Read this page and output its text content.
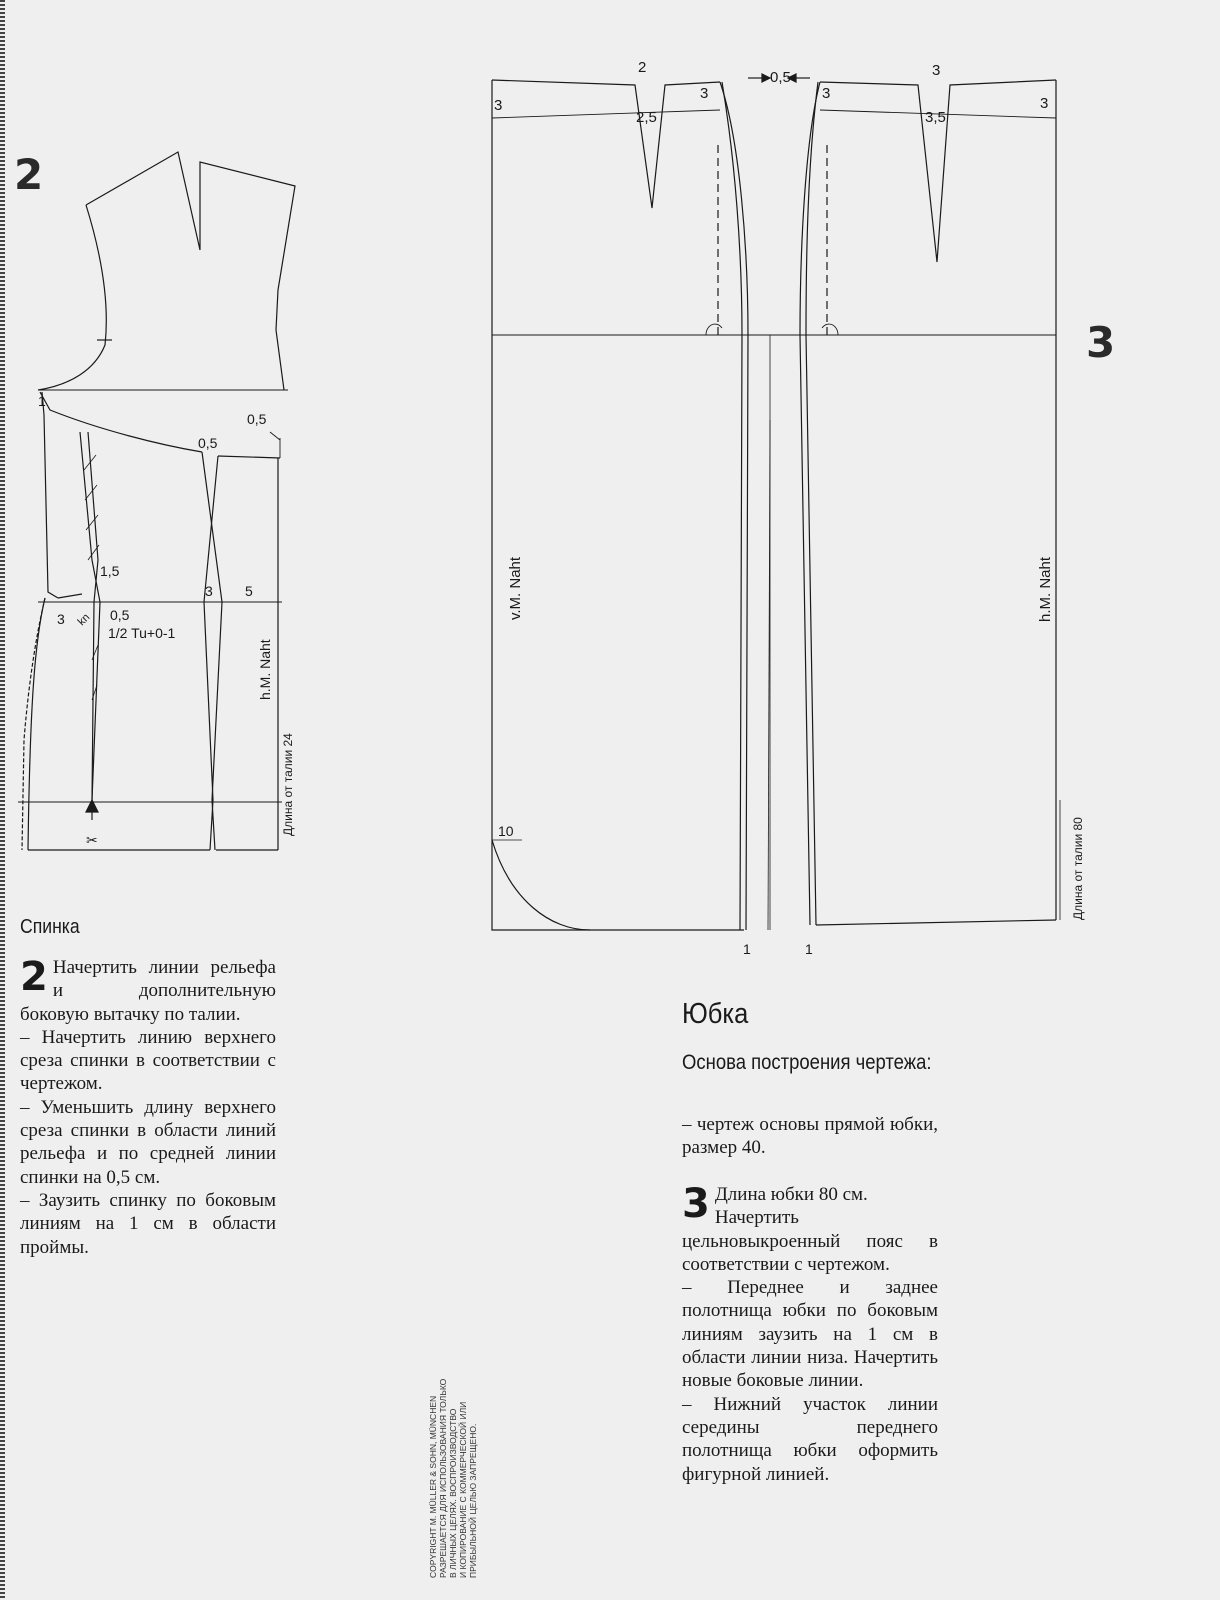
✂
1
0,5
0,5
1,5
3
3 5
0,5
1/2 Tu+0-1
kn
h.M. Naht
Длина от талии 24
2	3
0,5
3
3	3
3
2,5	3,5
v.M. Naht	h.M. Naht
10
1	1
Длина от талии 80
2
3
Спинка
2 Начертить линии рельефа и дополнительную боковую вытачку по талии.

– Начертить линию верхнего среза спинки в соответствии с чертежом.

– Уменьшить длину верхнего среза спинки в области линий рельефа и по средней линии спинки на 0,5 см.

– Заузить спинку по боковым линиям на 1 см в области проймы.

Юбка
Основа построения чертежа:

– чертеж основы прямой юбки, размер 40.

3 Длина юбки 80 см.

Начертить цельновыкроенный пояс в соответствии с чертежом.

– Переднее и заднее полотнища юбки по боковым линиям заузить на 1 см в области линии низа. Начертить новые боковые линии.

– Нижний участок линии середины переднего полотнища юбки оформить фигурной линией.

COPYRIGHT M. MÜLLER & SOHN, MÜNCHEN РАЗРЕШАЕТСЯ ДЛЯ ИСПОЛЬЗОВАНИЯ ТОЛЬКО В ЛИЧНЫХ ЦЕЛЯХ. ВОСПРОИЗВОДСТВО И КОПИРОВАНИЕ С КОММЕРЧЕСКОЙ ИЛИ ПРИБЫЛЬНОЙ ЦЕЛЬЮ ЗАПРЕЩЕНО.
